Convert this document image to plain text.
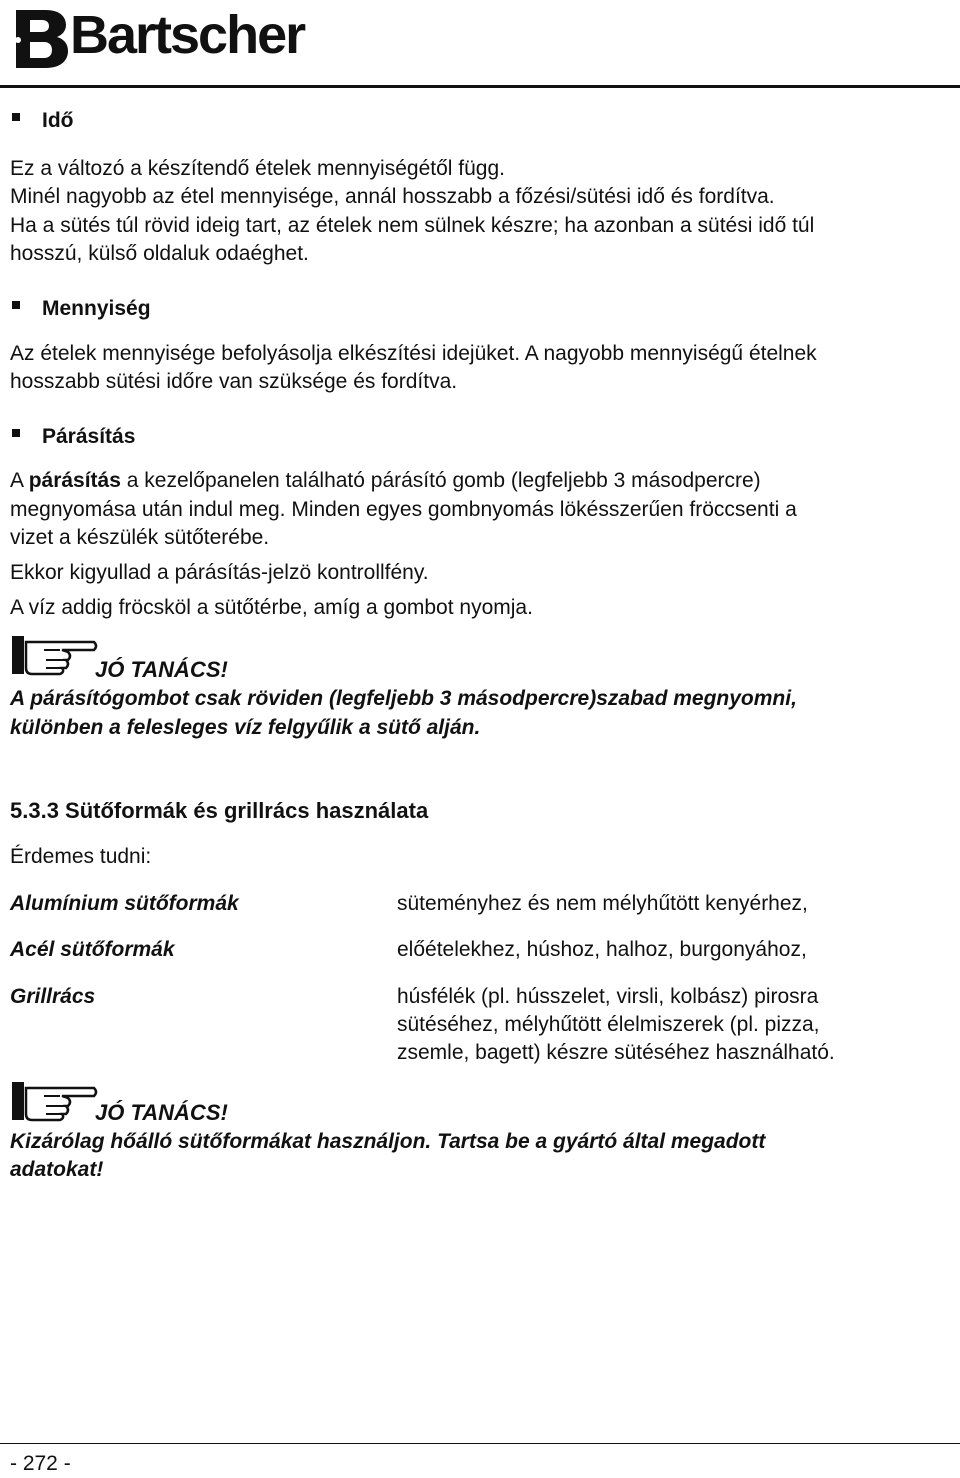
Bartscher
Idő
Ez a változó a készítendő ételek mennyiségétől függ.
Minél nagyobb az étel mennyisége, annál hosszabb a főzési/sütési idő és fordítva.
Ha a sütés túl rövid ideig tart, az ételek nem sülnek készre; ha azonban a sütési idő túl
hosszú, külső oldaluk odaéghet.
Mennyiség
Az ételek mennyisége befolyásolja elkészítési idejüket. A nagyobb mennyiségű ételnek
hosszabb sütési időre van szüksége és fordítva.
Párásítás
A párásítás a kezelőpanelen található párásító gomb (legfeljebb 3 másodpercre)
megnyomása után indul meg. Minden egyes gombnyomás lökésszerűen fröccsenti a
vizet a készülék sütőterébe.
Ekkor kigyullad a párásítás-jelzö kontrollfény.
A víz addig fröcsköl a sütőtérbe, amíg a gombot nyomja.
JÓ TANÁCS!
A párásítógombot csak röviden (legfeljebb 3 másodpercre)szabad megnyomni,
különben a felesleges víz felgyűlik a sütő alján.
5.3.3 Sütőformák és grillrács használata
Érdemes tudni:
Alumínium sütőformák	süteményhez és nem mélyhűtött kenyérhez,
Acél sütőformák	előételekhez, húshoz, halhoz, burgonyához,
Grillrács	húsfélék (pl. hússzelet, virsli, kolbász) pirosra
sütéséhez, mélyhűtött élelmiszerek (pl. pizza,
zsemle, bagett) készre sütéséhez használható.
JÓ TANÁCS!
Kizárólag hőálló sütőformákat használjon. Tartsa be a gyártó által megadott
adatokat!
- 272 -
